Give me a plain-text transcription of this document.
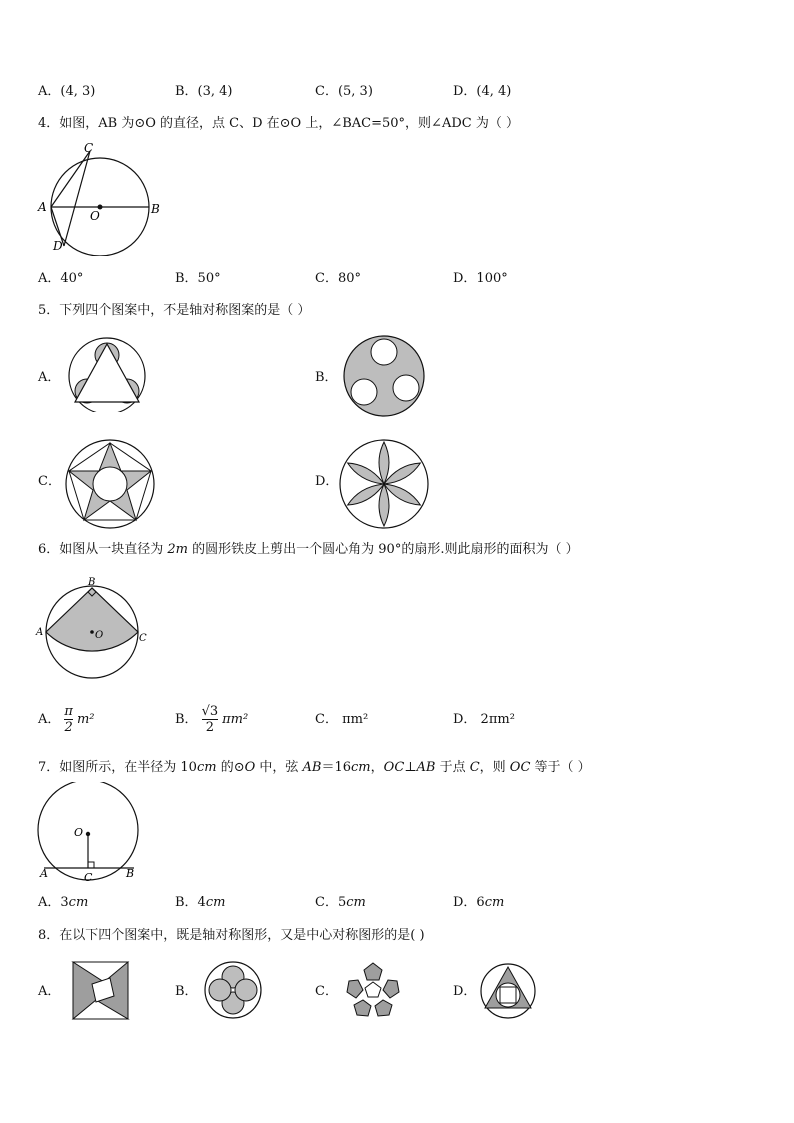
A．(4, 3)	B．(3, 4)	C．(5, 3)	D．(4, 4)
4．如图，AB 为⊙O 的直径，点 C、D 在⊙O 上，∠BAC=50°，则∠ADC 为（ ）
C
A	B
O
D
A．40°	B．50°	C．80°	D．100°
5．下列四个图案中，不是轴对称图案的是（ ）
A．	B．
C．	D．
6．如图从一块直径为 2m 的圆形铁皮上剪出一个圆心角为 90°的扇形.则此扇形的面积为（ ）
B
A
C
O
A． $\frac{\pi}{2} m^2$	B． $\frac{√3}{2} \pi m^2$	C． πm²	D． 2πm²
7．如图所示，在半径为 10cm 的⊙O 中，弦 AB＝16cm，OC⊥AB 于点 C，则 OC 等于（ ）
O
A	B
C
A．3cm	B．4cm	C．5cm	D．6cm
8．在以下四个图案中，既是轴对称图形，又是中心对称图形的是( )
A．	B．	C．	D．
